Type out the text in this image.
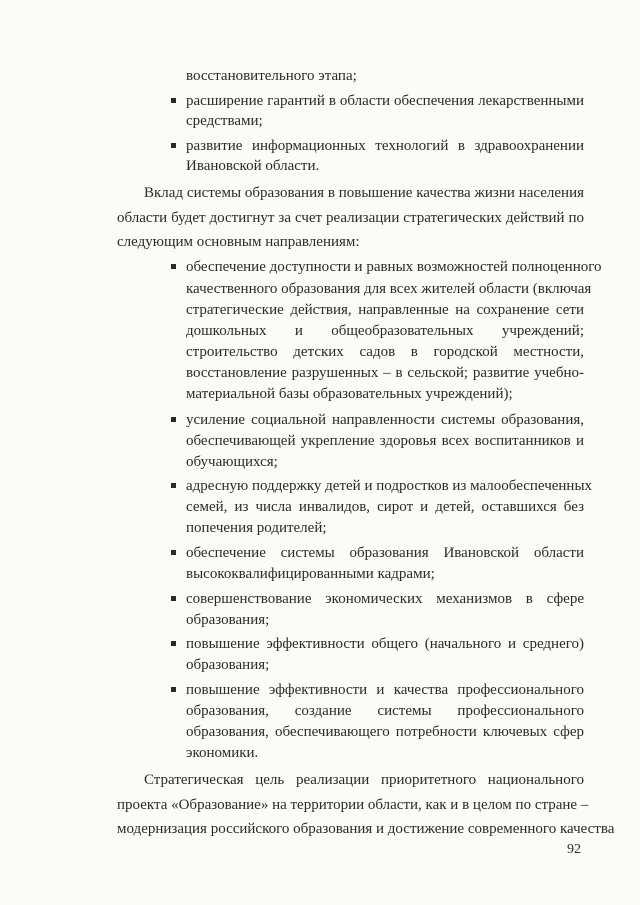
восстановительного этапа;
расширение гарантий в области обеспечения лекарственными
средствами;
развитие информационных технологий в здравоохранении
Ивановской области.
Вклад системы образования в повышение качества жизни населения
области будет достигнут за счет реализации стратегических действий по
следующим основным направлениям:
обеспечение доступности и равных возможностей полноценного
качественного образования для всех жителей области (включая
стратегические действия, направленные на сохранение сети
дошкольных и общеобразовательных учреждений;
строительство детских садов в городской местности,
восстановление разрушенных – в сельской; развитие учебно-
материальной базы образовательных учреждений);
усиление социальной направленности системы образования,
обеспечивающей укрепление здоровья всех воспитанников и
обучающихся;
адресную поддержку детей и подростков из малообеспеченных
семей, из числа инвалидов, сирот и детей, оставшихся без
попечения родителей;
обеспечение системы образования Ивановской области
высококвалифицированными кадрами;
совершенствование экономических механизмов в сфере
образования;
повышение эффективности общего (начального и среднего)
образования;
повышение эффективности и качества профессионального
образования, создание системы профессионального
образования, обеспечивающего потребности ключевых сфер
экономики.
Стратегическая цель реализации приоритетного национального
проекта «Образование» на территории области, как и в целом по стране –
модернизация российского образования и достижение современного качества
92
